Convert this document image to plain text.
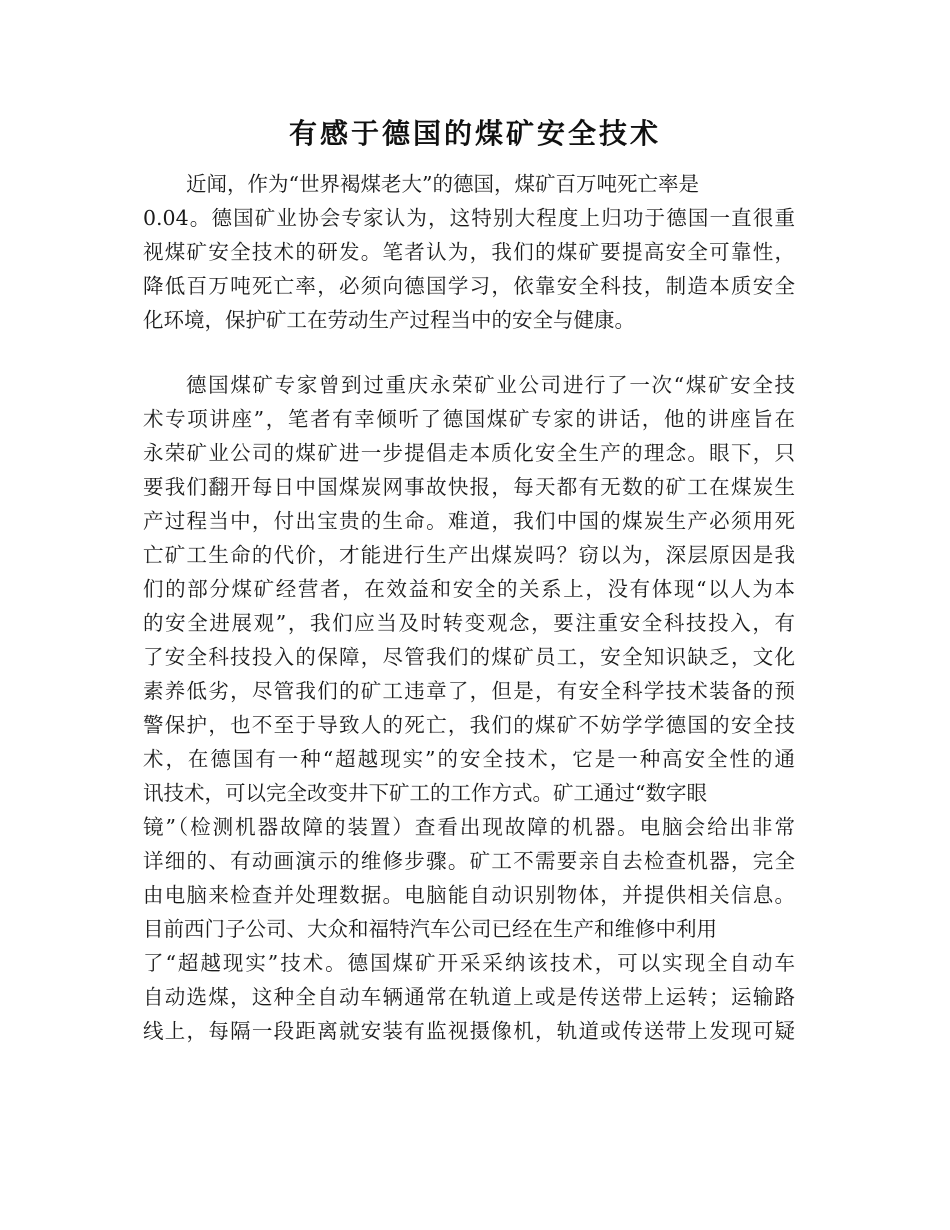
有感于德国的煤矿安全技术
近闻，作为“世界褐煤老大”的德国，煤矿百万吨死亡率是
0.04。德国矿业协会专家认为，这特别大程度上归功于德国一直很重
视煤矿安全技术的研发。笔者认为，我们的煤矿要提高安全可靠性，
降低百万吨死亡率，必须向德国学习，依靠安全科技，制造本质安全
化环境，保护矿工在劳动生产过程当中的安全与健康。
德国煤矿专家曾到过重庆永荣矿业公司进行了一次“煤矿安全技
术专项讲座”，笔者有幸倾听了德国煤矿专家的讲话，他的讲座旨在
永荣矿业公司的煤矿进一步提倡走本质化安全生产的理念。眼下，只
要我们翻开每日中国煤炭网事故快报，每天都有无数的矿工在煤炭生
产过程当中，付出宝贵的生命。难道，我们中国的煤炭生产必须用死
亡矿工生命的代价，才能进行生产出煤炭吗？窃以为，深层原因是我
们的部分煤矿经营者，在效益和安全的关系上，没有体现“以人为本
的安全进展观”，我们应当及时转变观念，要注重安全科技投入，有
了安全科技投入的保障，尽管我们的煤矿员工，安全知识缺乏，文化
素养低劣，尽管我们的矿工违章了，但是，有安全科学技术装备的预
警保护，也不至于导致人的死亡，我们的煤矿不妨学学德国的安全技
术，在德国有一种“超越现实”的安全技术，它是一种高安全性的通
讯技术，可以完全改变井下矿工的工作方式。矿工通过“数字眼
镜”（检测机器故障的装置）查看出现故障的机器。电脑会给出非常
详细的、有动画演示的维修步骤。矿工不需要亲自去检查机器，完全
由电脑来检查并处理数据。电脑能自动识别物体，并提供相关信息。
目前西门子公司、大众和福特汽车公司已经在生产和维修中利用
了“超越现实”技术。德国煤矿开采采纳该技术，可以实现全自动车
自动选煤，这种全自动车辆通常在轨道上或是传送带上运转；运输路
线上，每隔一段距离就安装有监视摄像机，轨道或传送带上发现可疑
